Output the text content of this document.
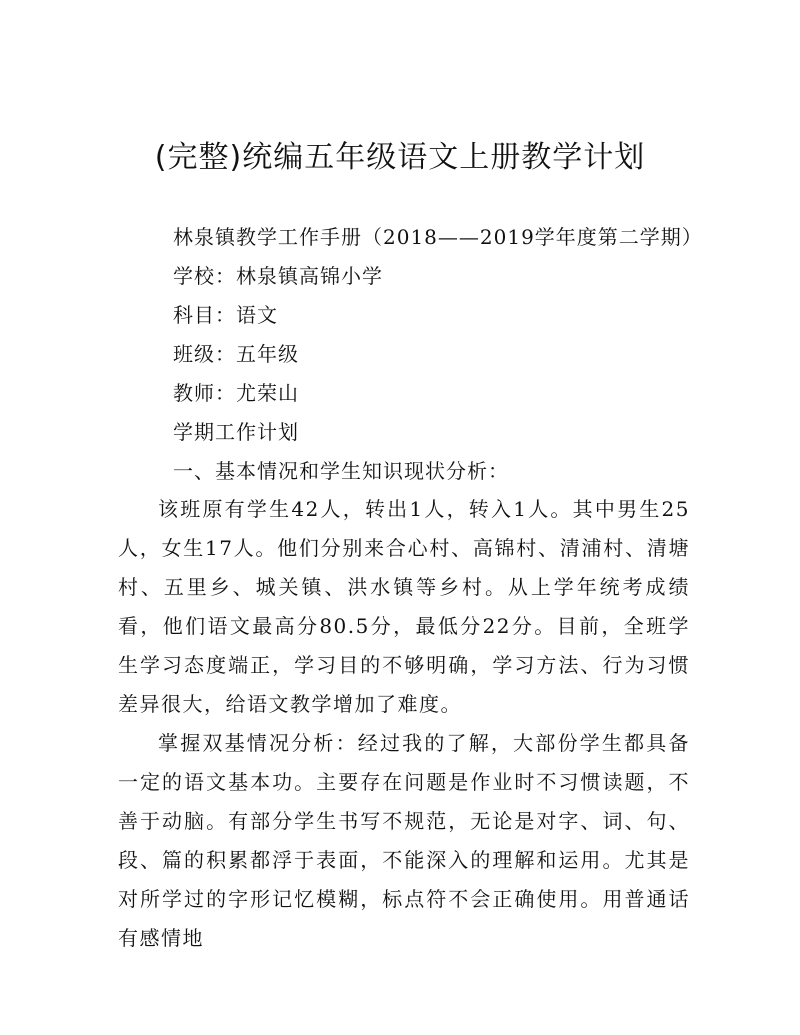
(完整)统编五年级语文上册教学计划
林泉镇教学工作手册（2018——2019学年度第二学期）
学校：林泉镇高锦小学
科目：语文
班级：五年级
教师：尤荣山
学期工作计划
一、基本情况和学生知识现状分析：

该班原有学生42人，转出1人，转入1人。其中男生25人，女生17人。他们分别来合心村、高锦村、清浦村、清塘村、五里乡、城关镇、洪水镇等乡村。从上学年统考成绩看，他们语文最高分80.5分，最低分22分。目前，全班学生学习态度端正，学习目的不够明确，学习方法、行为习惯差异很大，给语文教学增加了难度。

掌握双基情况分析：经过我的了解，大部份学生都具备一定的语文基本功。主要存在问题是作业时不习惯读题，不善于动脑。有部分学生书写不规范，无论是对字、词、句、段、篇的积累都浮于表面，不能深入的理解和运用。尤其是对所学过的字形记忆模糊，标点符不会正确使用。用普通话有感情地
